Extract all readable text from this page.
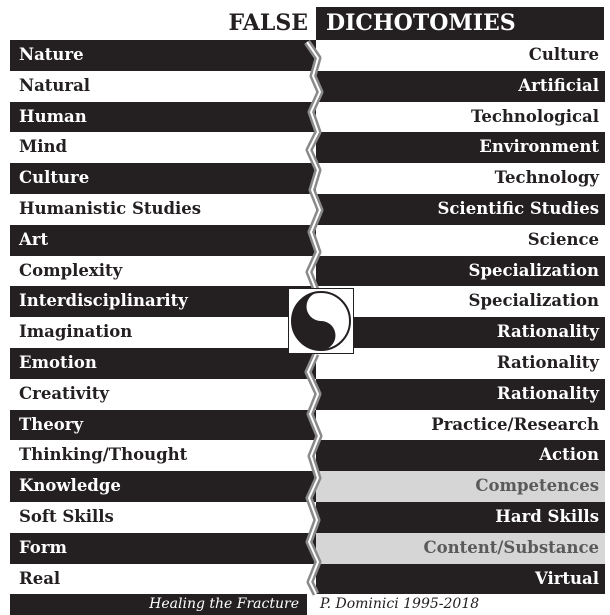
FALSE DICHOTOMIES
Nature	Culture
Natural	Artificial
Human	Technological
Mind	Environment
Culture	Technology
Humanistic Studies	Scientific Studies
Art	Science
Complexity	Specialization
Interdisciplinarity	Specialization
Imagination	Rationality
Emotion	Rationality
Creativity	Rationality
Theory	Practice/Research
Thinking/Thought	Action
Knowledge	Competences
Soft Skills	Hard Skills
Form	Content/Substance
Real	Virtual
Healing the Fracture	P. Dominici 1995-2018
